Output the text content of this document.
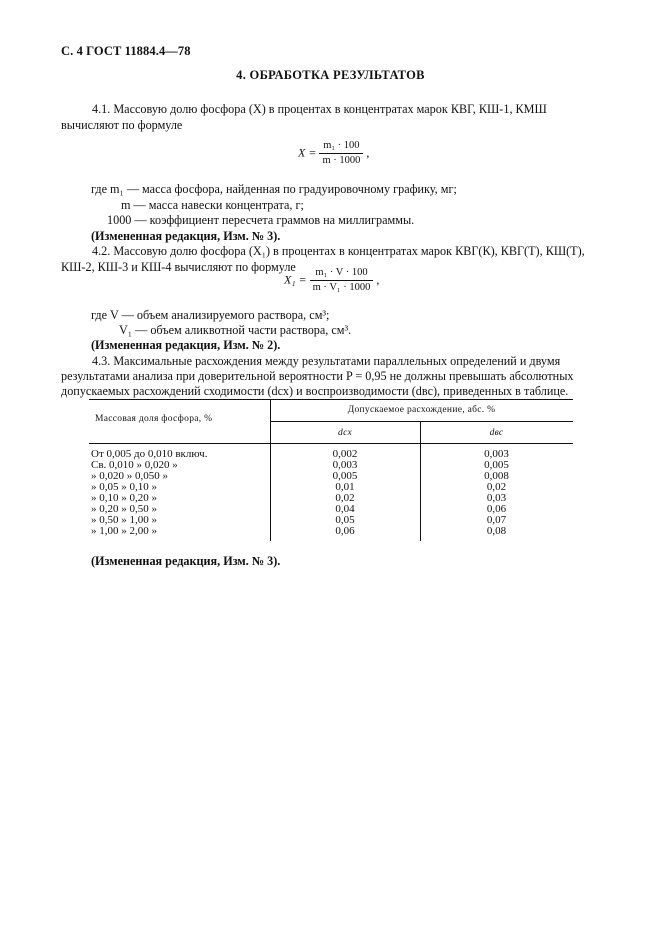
С. 4 ГОСТ 11884.4—78
4. ОБРАБОТКА РЕЗУЛЬТАТОВ
4.1. Массовую долю фосфора (X) в процентах в концентратах марок КВГ, КШ-1, КМШ
вычисляют по формуле
$X = \frac{\text{m₁ · 100}}{m \cdot 1000}$ ,
где m₁ — масса фосфора, найденная по градуировочному графику, мг;
m — масса навески концентрата, г;
1000 — коэффициент пересчета граммов на миллиграммы.
(Измененная редакция, Изм. № 3).
4.2. Массовую долю фосфора (X₁) в процентах в концентратах марок КВГ(К), КВГ(Т), КШ(Т),
КШ-2, КШ-3 и КШ-4 вычисляют по формуле
$X_1 = \frac{\text{m₁ · V · 100}}{\text{m · V₁ · 1000}}$ ,
где V — объем анализируемого раствора, см³;
V₁ — объем аликвотной части раствора, см³.
(Измененная редакция, Изм. № 2).
4.3. Максимальные расхождения между результатами параллельных определений и двумя
результатами анализа при доверительной вероятности P = 0,95 не должны превышать абсолютных
допускаемых расхождений сходимости (dсх) и воспроизводимости (dвс), приведенных в таблице.
Массовая доля фосфора, %
Допускаемое расхождение, абс. %
dсх	dвс
От 0,005 до 0,010 включ.	0,002	0,003
Св. 0,010 » 0,020 »	0,003	0,005
» 0,020 » 0,050 »	0,005	0,008
» 0,05 » 0,10 »	0,01	0,02
» 0,10 » 0,20 »	0,02	0,03
» 0,20 » 0,50 »	0,04	0,06
» 0,50 » 1,00 »	0,05	0,07
» 1,00 » 2,00 »	0,06	0,08
(Измененная редакция, Изм. № 3).
